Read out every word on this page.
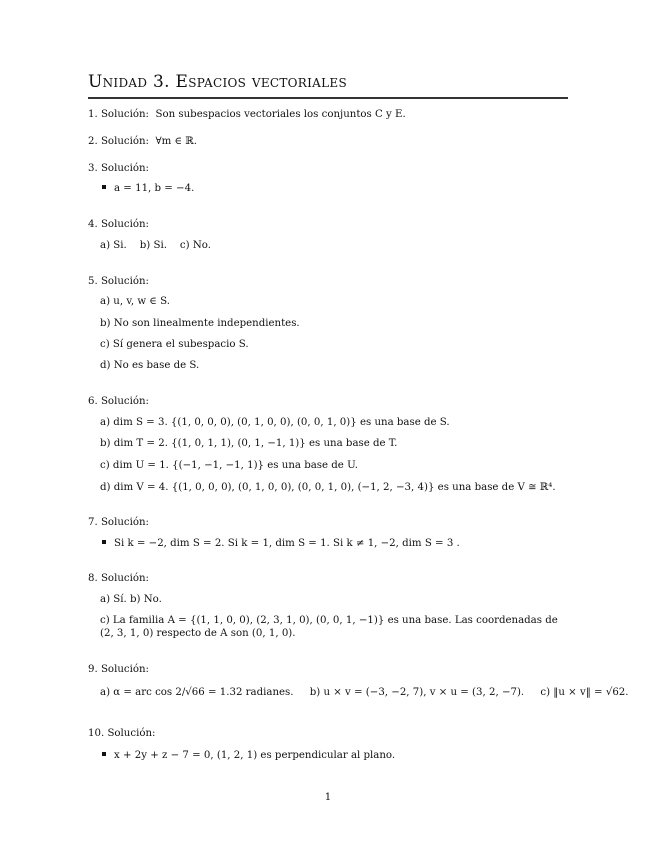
Unidad 3. Espacios vectoriales
1. Solución: Son subespacios vectoriales los conjuntos C y E.
2. Solución: ∀m ∈ ℝ.
3. Solución:
a = 11, b = −4.
4. Solución:
a) Si. b) Si. c) No.
5. Solución:
a) u, v, w ∈ S.
b) No son linealmente independientes.
c) Sí genera el subespacio S.
d) No es base de S.
6. Solución:
a) dim S = 3. {(1, 0, 0, 0), (0, 1, 0, 0), (0, 0, 1, 0)} es una base de S.
b) dim T = 2. {(1, 0, 1, 1), (0, 1, −1, 1)} es una base de T.
c) dim U = 1. {(−1, −1, −1, 1)} es una base de U.
d) dim V = 4. {(1, 0, 0, 0), (0, 1, 0, 0), (0, 0, 1, 0), (−1, 2, −3, 4)} es una base de V ≅ ℝ⁴.
7. Solución:
Si k = −2, dim S = 2. Si k = 1, dim S = 1. Si k ≠ 1, −2, dim S = 3 .
8. Solución:
a) Sí. b) No.
c) La familia A = {(1, 1, 0, 0), (2, 3, 1, 0), (0, 0, 1, −1)} es una base. Las coordenadas de (2, 3, 1, 0) respecto de A son (0, 1, 0).
9. Solución:
a) α = arc cos 2/√66 = 1.32 radianes. b) u × v = (−3, −2, 7), v × u = (3, 2, −7). c) ‖u × v‖ = √62.
10. Solución:
x + 2y + z − 7 = 0, (1, 2, 1) es perpendicular al plano.
1
